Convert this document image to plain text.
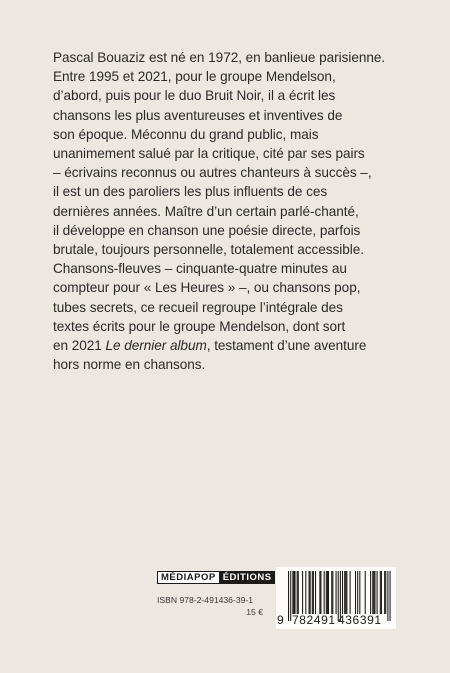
Pascal Bouaziz est né en 1972, en banlieue parisienne.
Entre 1995 et 2021, pour le groupe Mendelson,
d’abord, puis pour le duo Bruit Noir, il a écrit les
chansons les plus aventureuses et inventives de
son époque. Méconnu du grand public, mais
unanimement salué par la critique, cité par ses pairs
– écrivains reconnus ou autres chanteurs à succès –,
il est un des paroliers les plus influents de ces
dernières années. Maître d’un certain parlé-chanté,
il développe en chanson une poésie directe, parfois
brutale, toujours personnelle, totalement accessible.
Chansons-fleuves – cinquante-quatre minutes au
compteur pour « Les Heures » –, ou chansons pop,
tubes secrets, ce recueil regroupe l’intégrale des
textes écrits pour le groupe Mendelson, dont sort
en 2021 Le dernier album, testament d’une aventure
hors norme en chansons.
MÉDIAPOP ÉDITIONS
ISBN 978-2-491436-39-1
15 €
9 782491 436391
